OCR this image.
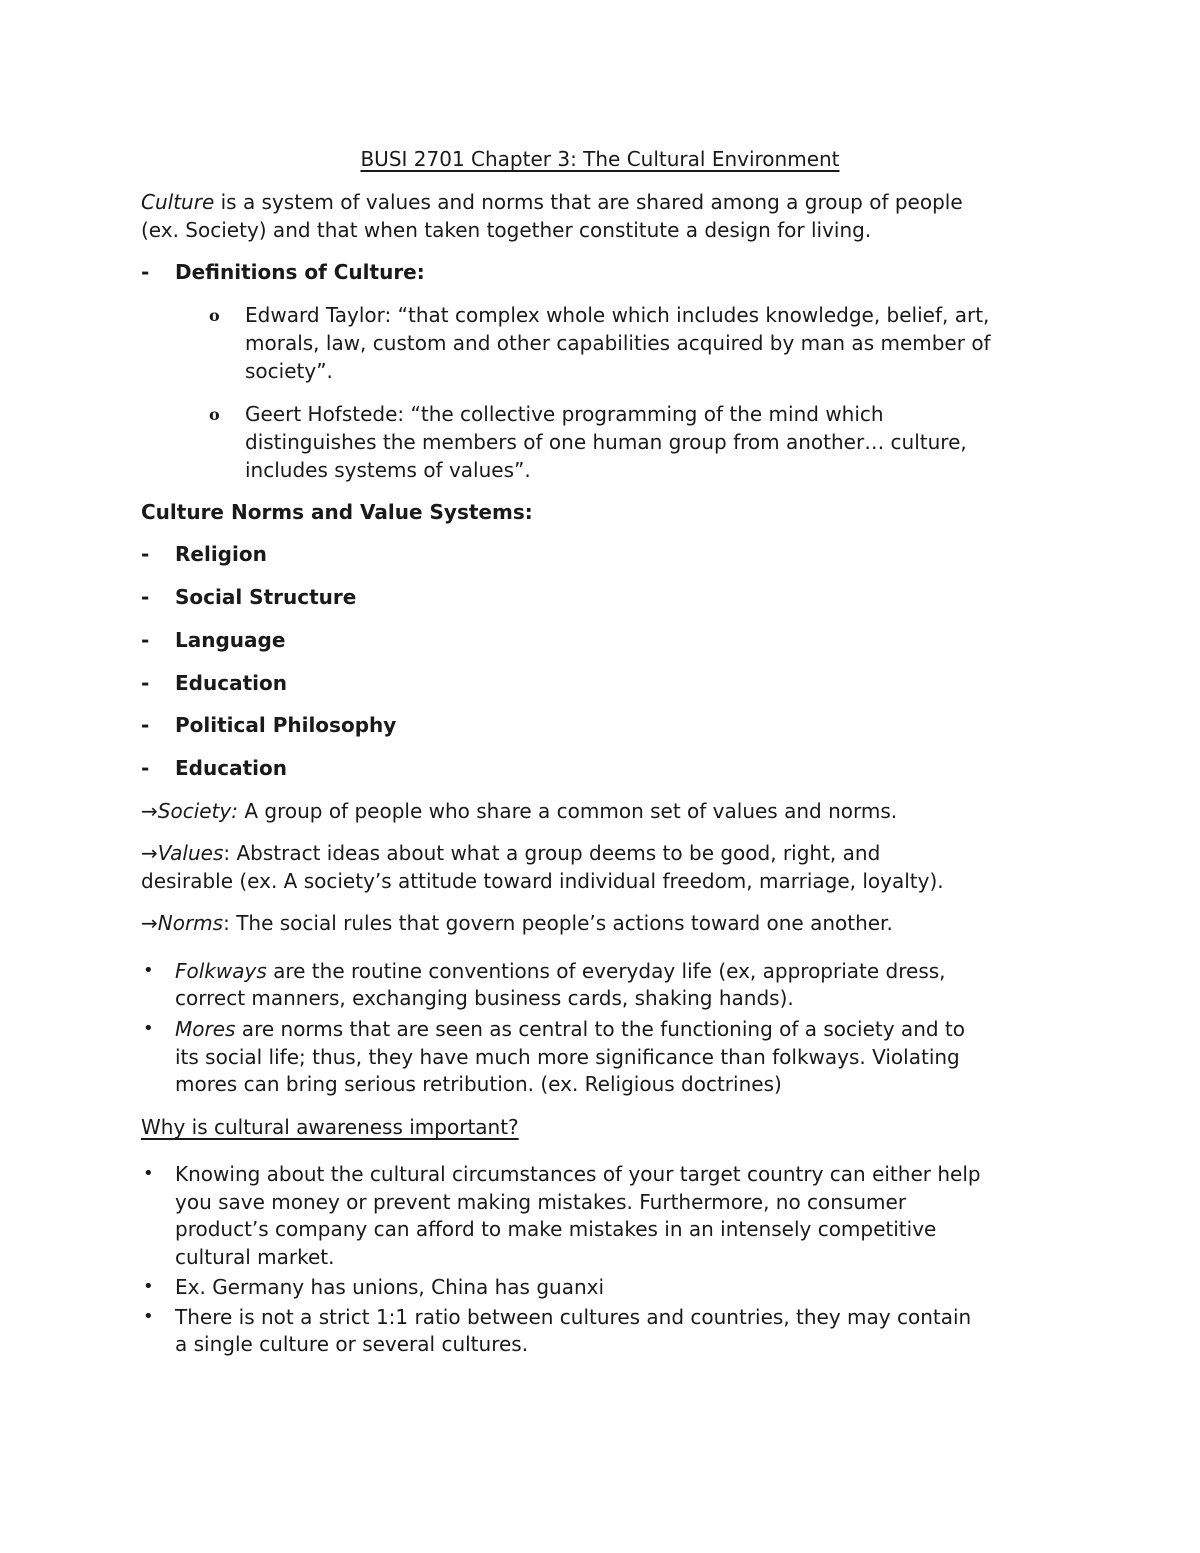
BUSI 2701 Chapter 3: The Cultural Environment
Culture is a system of values and norms that are shared among a group of people
(ex. Society) and that when taken together constitute a design for living.
- Definitions of Culture:
o Edward Taylor: “that complex whole which includes knowledge, belief, art,
morals, law, custom and other capabilities acquired by man as member of
society”.
o Geert Hofstede: “the collective programming of the mind which
distinguishes the members of one human group from another… culture,
includes systems of values”.
Culture Norms and Value Systems:
- Religion
- Social Structure
- Language
- Education
- Political Philosophy
- Education
→Society: A group of people who share a common set of values and norms.
→Values: Abstract ideas about what a group deems to be good, right, and
desirable (ex. A society’s attitude toward individual freedom, marriage, loyalty).
→Norms: The social rules that govern people’s actions toward one another.
• Folkways are the routine conventions of everyday life (ex, appropriate dress,
correct manners, exchanging business cards, shaking hands).
• Mores are norms that are seen as central to the functioning of a society and to
its social life; thus, they have much more significance than folkways. Violating
mores can bring serious retribution. (ex. Religious doctrines)
Why is cultural awareness important?
• Knowing about the cultural circumstances of your target country can either help
you save money or prevent making mistakes. Furthermore, no consumer
product’s company can afford to make mistakes in an intensely competitive
cultural market.
• Ex. Germany has unions, China has guanxi
• There is not a strict 1:1 ratio between cultures and countries, they may contain
a single culture or several cultures.
